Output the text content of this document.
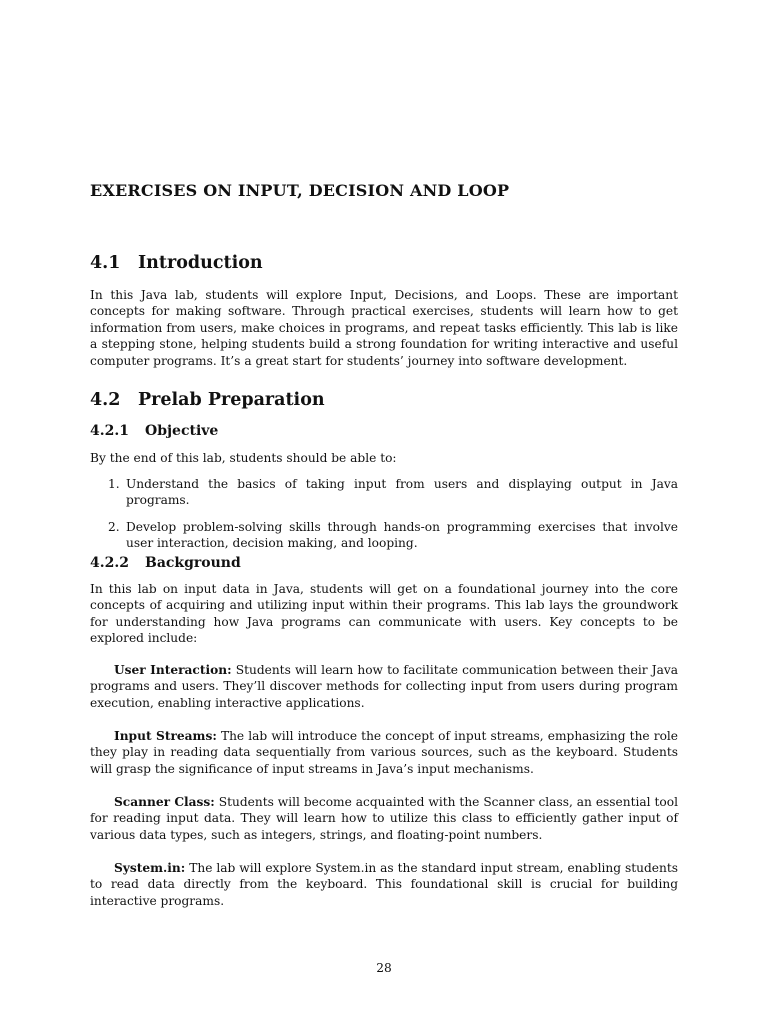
EXERCISES ON INPUT, DECISION AND LOOP
4.1 Introduction

In this Java lab, students will explore Input, Decisions, and Loops. These are important concepts for making software. Through practical exercises, students will learn how to get information from users, make choices in programs, and repeat tasks efficiently. This lab is like a stepping stone, helping students build a strong foundation for writing interactive and useful computer programs. It’s a great start for students’ journey into software development.

4.2 Prelab Preparation
4.2.1 Objective

By the end of this lab, students should be able to:

1. Understand the basics of taking input from users and displaying output in Java programs.
2. Develop problem-solving skills through hands-on programming exercises that involve user interaction, decision making, and looping.
4.2.2 Background

In this lab on input data in Java, students will get on a foundational journey into the core concepts of acquiring and utilizing input within their programs. This lab lays the groundwork for understanding how Java programs can communicate with users. Key concepts to be explored include:

User Interaction: Students will learn how to facilitate communication between their Java programs and users. They’ll discover methods for collecting input from users during program execution, enabling interactive applications.

Input Streams: The lab will introduce the concept of input streams, emphasizing the role they play in reading data sequentially from various sources, such as the keyboard. Students will grasp the significance of input streams in Java’s input mechanisms.

Scanner Class: Students will become acquainted with the Scanner class, an essential tool for reading input data. They will learn how to utilize this class to efficiently gather input of various data types, such as integers, strings, and floating-point numbers.

System.in: The lab will explore System.in as the standard input stream, enabling students to read data directly from the keyboard. This foundational skill is crucial for building interactive programs.

28
